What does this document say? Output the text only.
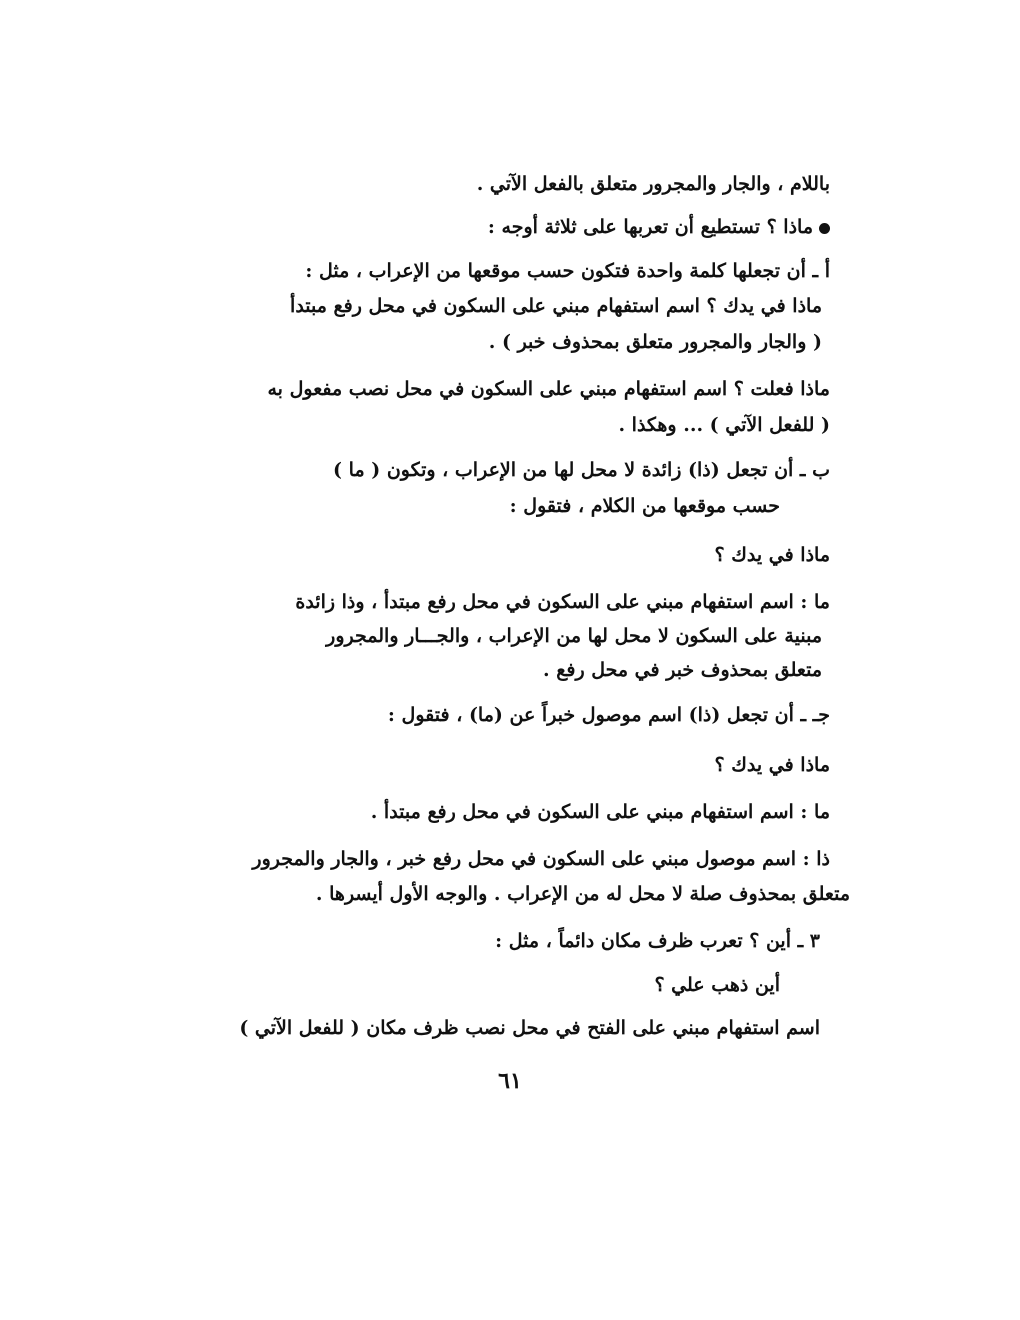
باللام ، والجار والمجرور متعلق بالفعل الآتي .
ماذا ؟ تستطيع أن تعربها على ثلاثة أوجه :
أ ـ أن تجعلها كلمة واحدة فتكون حسب موقعها من الإعراب ، مثل :
ماذا في يدك ؟ اسم استفهام مبني على السكون في محل رفع مبتدأ
( والجار والمجرور متعلق بمحذوف خبر ) .
ماذا فعلت ؟ اسم استفهام مبني على السكون في محل نصب مفعول به
( للفعل الآتي ) ... وهكذا .
ب ـ أن تجعل (ذا) زائدة لا محل لها من الإعراب ، وتكون ( ما )
حسب موقعها من الكلام ، فتقول :
ماذا في يدك ؟
ما : اسم استفهام مبني على السكون في محل رفع مبتدأ ، وذا زائدة
مبنية على السكون لا محل لها من الإعراب ، والجـــار والمجرور
متعلق بمحذوف خبر في محل رفع .
جـ ـ أن تجعل (ذا) اسم موصول خبراً عن (ما) ، فتقول :
ماذا في يدك ؟
ما : اسم استفهام مبني على السكون في محل رفع مبتدأ .
ذا : اسم موصول مبني على السكون في محل رفع خبر ، والجار والمجرور
متعلق بمحذوف صلة لا محل له من الإعراب . والوجه الأول أيسرها .
٣ ـ أين ؟ تعرب ظرف مكان دائماً ، مثل :
أين ذهب علي ؟
اسم استفهام مبني على الفتح في محل نصب ظرف مكان ( للفعل الآتي )
٦١
